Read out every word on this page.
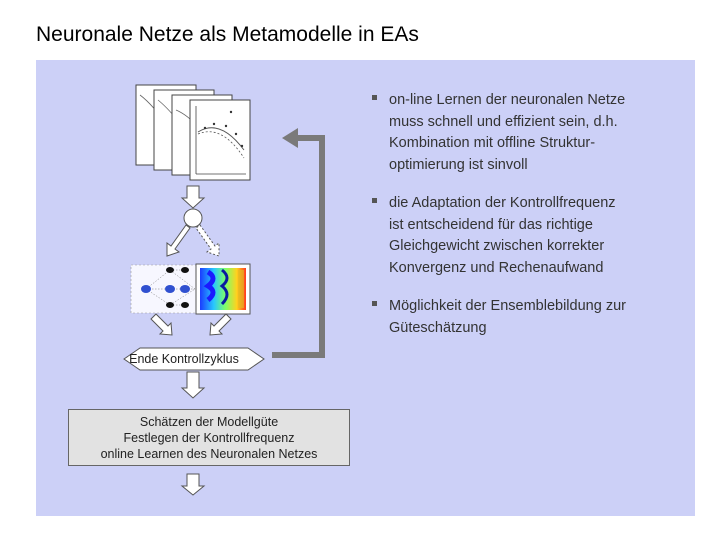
Neuronale Netze als Metamodelle in EAs
Ende Kontrollzyklus
Schätzen der Modellgüte
Festlegen der Kontrollfrequenz
online Learnen des Neuronalen Netzes
on-line Lernen der neuronalen Netze
muss schnell und effizient sein, d.h.
Kombination mit offline Struktur-
optimierung ist sinvoll
die Adaptation der Kontrollfrequenz
ist entscheidend für das richtige
Gleichgewicht zwischen korrekter
Konvergenz und Rechenaufwand
Möglichkeit der Ensemblebildung zur
Güteschätzung
